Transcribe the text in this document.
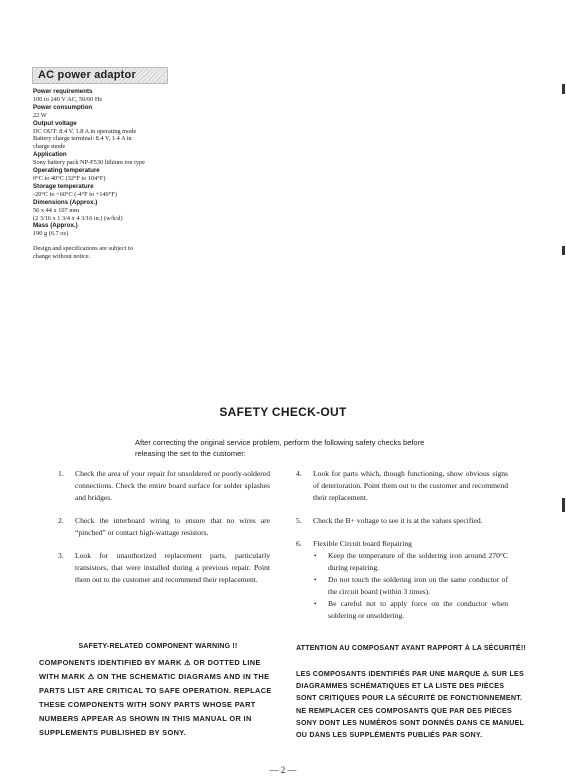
AC power adaptor
Power requirements
100 to 240 V AC, 50/60 Hz
Power consumption
22 W
Output voltage
DC OUT: 8.4 V, 1.8 A in operating mode
Battery charge terminal: 8.4 V, 1.4 A in charge mode
Application
Sony battery pack NP-F530 lithium ion type
Operating temperature
0°C to 40°C (32°F to 104°F)
Storage temperature
-20°C to +60°C (-4°F to +140°F)
Dimensions (Approx.)
56 x 44 x 107 mm
(2 3/16 x 1 3/4 x 4 3/16 in.) (w/h/d)
Mass (Approx.)
190 g (6.7 oz)
Design and specifications are subject to change without notice.
SAFETY CHECK-OUT
After correcting the original service problem, perform the following safety checks before releasing the set to the customer:
1. Check the area of your repair for unsoldered or poorly-soldered connections. Check the entire board surface for solder splashes and bridges.
2. Check the interboard wiring to ensure that no wires are “pinched” or contact high-wattage resistors.
3. Look for unauthorized replacement parts, particularly transistors, that were installed during a previous repair. Point them out to the customer and recommend their replacement.
4. Look for parts which, though functioning, show obvious signs of deterioration. Point them out to the customer and recommend their replacement.
5. Check the B+ voltage to see it is at the values specified.
6. Flexible Circuit board Repairing
• Keep the temperature of the soldering iron around 270°C during repairing.
• Do not touch the soldering iron on the same conductor of the circuit board (within 3 times).
• Be careful not to apply force on the conductor when soldering or unsoldering.
SAFETY-RELATED COMPONENT WARNING !!
COMPONENTS IDENTIFIED BY MARK ⚠ OR DOTTED LINE WITH MARK ⚠ ON THE SCHEMATIC DIAGRAMS AND IN THE PARTS LIST ARE CRITICAL TO SAFE OPERATION. REPLACE THESE COMPONENTS WITH SONY PARTS WHOSE PART NUMBERS APPEAR AS SHOWN IN THIS MANUAL OR IN SUPPLEMENTS PUBLISHED BY SONY.
ATTENTION AU COMPOSANT AYANT RAPPORT À LA SÉCURITÉ!!
LES COMPOSANTS IDENTIFIÉS PAR UNE MARQUE ⚠ SUR LES DIAGRAMMES SCHÉMATIQUES ET LA LISTE DES PIÈCES SONT CRITIQUES POUR LA SÉCURITÉ DE FONCTIONNEMENT. NE REMPLACER CES COMPOSANTS QUE PAR DES PIÈCES SONY DONT LES NUMÉROS SONT DONNÉS DANS CE MANUEL OU DANS LES SUPPLÉMENTS PUBLIÉS PAR SONY.
— 2 —
